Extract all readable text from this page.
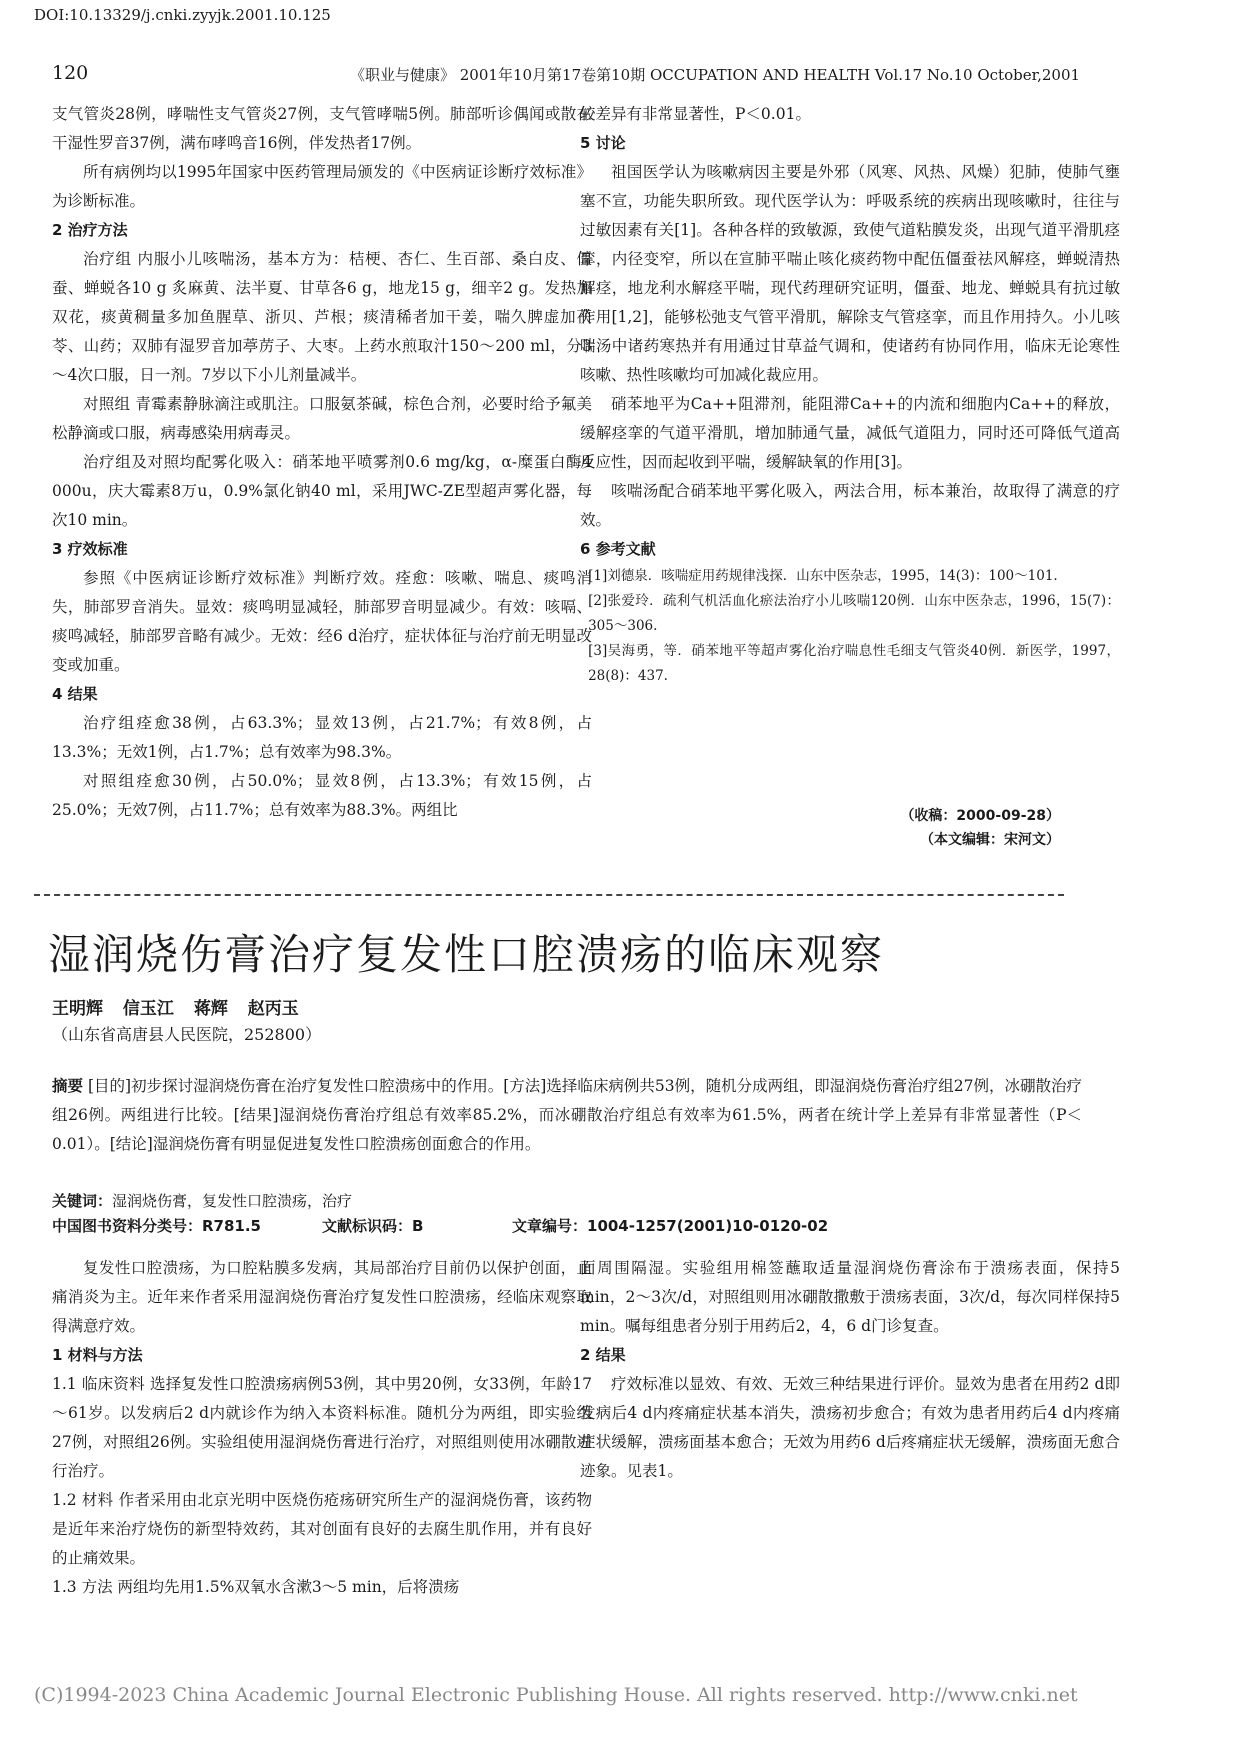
DOI:10.13329/j.cnki.zyyjk.2001.10.125
120	《职业与健康》 2001年10月第17卷第10期 OCCUPATION AND HEALTH Vol.17 No.10 October,2001

支气管炎28例，哮喘性支气管炎27例，支气管哮喘5例。肺部听诊偶闻或散在干湿性罗音37例，满布哮鸣音16例，伴发热者17例。

所有病例均以1995年国家中医药管理局颁发的《中医病证诊断疗效标准》为诊断标准。

2 治疗方法

治疗组 内服小儿咳喘汤，基本方为：桔梗、杏仁、生百部、桑白皮、僵蚕、蝉蜕各10 g 炙麻黄、法半夏、甘草各6 g，地龙15 g，细辛2 g。发热加双花，痰黄稠量多加鱼腥草、浙贝、芦根；痰清稀者加干姜，喘久脾虚加茯苓、山药；双肺有湿罗音加葶苈子、大枣。上药水煎取汁150～200 ml，分3～4次口服，日一剂。7岁以下小儿剂量减半。

对照组 青霉素静脉滴注或肌注。口服氨茶碱，棕色合剂，必要时给予氟美松静滴或口服，病毒感染用病毒灵。

治疗组及对照均配雾化吸入：硝苯地平喷雾剂0.6 mg/kg，α-糜蛋白酶4 000u，庆大霉素8万u，0.9%氯化钠40 ml，采用JWC-ZE型超声雾化器，每次10 min。

3 疗效标准

参照《中医病证诊断疗效标准》判断疗效。痊愈：咳嗽、喘息、痰鸣消失，肺部罗音消失。显效：痰鸣明显减轻，肺部罗音明显减少。有效：咳嗝、痰鸣减轻，肺部罗音略有减少。无效：经6 d治疗，症状体征与治疗前无明显改变或加重。

4 结果

治疗组痊愈38例，占63.3%；显效13例，占21.7%；有效8例，占13.3%；无效1例，占1.7%；总有效率为98.3%。

对照组痊愈30例，占50.0%；显效8例，占13.3%；有效15例，占25.0%；无效7例，占11.7%；总有效率为88.3%。两组比

较差异有非常显著性，P＜0.01。

5 讨论

祖国医学认为咳嗽病因主要是外邪（风寒、风热、风燥）犯肺，使肺气壅塞不宣，功能失职所致。现代医学认为：呼吸系统的疾病出现咳嗽时，往往与过敏因素有关[1]。各种各样的致敏源，致使气道粘膜发炎，出现气道平滑肌痉挛，内径变窄，所以在宣肺平喘止咳化痰药物中配伍僵蚕祛风解痉，蝉蜕清热解痉，地龙利水解痉平喘，现代药理研究证明，僵蚕、地龙、蝉蜕具有抗过敏作用[1,2]，能够松弛支气管平滑肌，解除支气管痉挛，而且作用持久。小儿咳喘汤中诸药寒热并有用通过甘草益气调和，使诸药有协同作用，临床无论寒性咳嗽、热性咳嗽均可加减化裁应用。

硝苯地平为Ca++阻滞剂，能阻滞Ca++的内流和细胞内Ca++的释放，缓解痉挛的气道平滑肌，增加肺通气量，减低气道阻力，同时还可降低气道高反应性，因而起收到平喘，缓解缺氧的作用[3]。

咳喘汤配合硝苯地平雾化吸入，两法合用，标本兼治，故取得了满意的疗效。

6 参考文献

[1]刘德泉．咳喘症用药规律浅探．山东中医杂志，1995，14(3)：100～101.

[2]张爱玲．疏利气机活血化瘀法治疗小儿咳喘120例．山东中医杂志，1996，15(7)：305～306.

[3]吴海勇，等．硝苯地平等超声雾化治疗喘息性毛细支气管炎40例．新医学，1997，28(8)：437.

（收稿：2000-09-28）
（本文编辑：宋河文）
湿润烧伤膏治疗复发性口腔溃疡的临床观察
王明辉 信玉江 蒋辉 赵丙玉
（山东省高唐县人民医院，252800）
摘要 [目的]初步探讨湿润烧伤膏在治疗复发性口腔溃疡中的作用。[方法]选择临床病例共53例，随机分成两组，即湿润烧伤膏治疗组27例，冰硼散治疗组26例。两组进行比较。[结果]湿润烧伤膏治疗组总有效率85.2%，而冰硼散治疗组总有效率为61.5%，两者在统计学上差异有非常显著性（P＜0.01）。[结论]湿润烧伤膏有明显促进复发性口腔溃疡创面愈合的作用。
关键词：湿润烧伤膏，复发性口腔溃疡，治疗
中国图书资料分类号：R781.5	文献标识码：B	文章编号：1004-1257(2001)10-0120-02

复发性口腔溃疡，为口腔粘膜多发病，其局部治疗目前仍以保护创面，止痛消炎为主。近年来作者采用湿润烧伤膏治疗复发性口腔溃疡，经临床观察取得满意疗效。

1 材料与方法

1.1 临床资料 选择复发性口腔溃疡病例53例，其中男20例，女33例，年龄17～61岁。以发病后2 d内就诊作为纳入本资料标准。随机分为两组，即实验组27例，对照组26例。实验组使用湿润烧伤膏进行治疗，对照组则使用冰硼散进行治疗。

1.2 材料 作者采用由北京光明中医烧伤疮疡研究所生产的湿润烧伤膏，该药物是近年来治疗烧伤的新型特效药，其对创面有良好的去腐生肌作用，并有良好的止痛效果。

1.3 方法 两组均先用1.5%双氧水含漱3～5 min，后将溃疡

面周围隔湿。实验组用棉签蘸取适量湿润烧伤膏涂布于溃疡表面，保持5 min，2～3次/d，对照组则用冰硼散撒敷于溃疡表面，3次/d，每次同样保持5 min。嘱每组患者分别于用药后2，4，6 d门诊复查。

2 结果

疗效标准以显效、有效、无效三种结果进行评价。显效为患者在用药2 d即发病后4 d内疼痛症状基本消失，溃疡初步愈合；有效为患者用药后4 d内疼痛症状缓解，溃疡面基本愈合；无效为用药6 d后疼痛症状无缓解，溃疡面无愈合迹象。见表1。

(C)1994-2023 China Academic Journal Electronic Publishing House. All rights reserved. http://www.cnki.net
